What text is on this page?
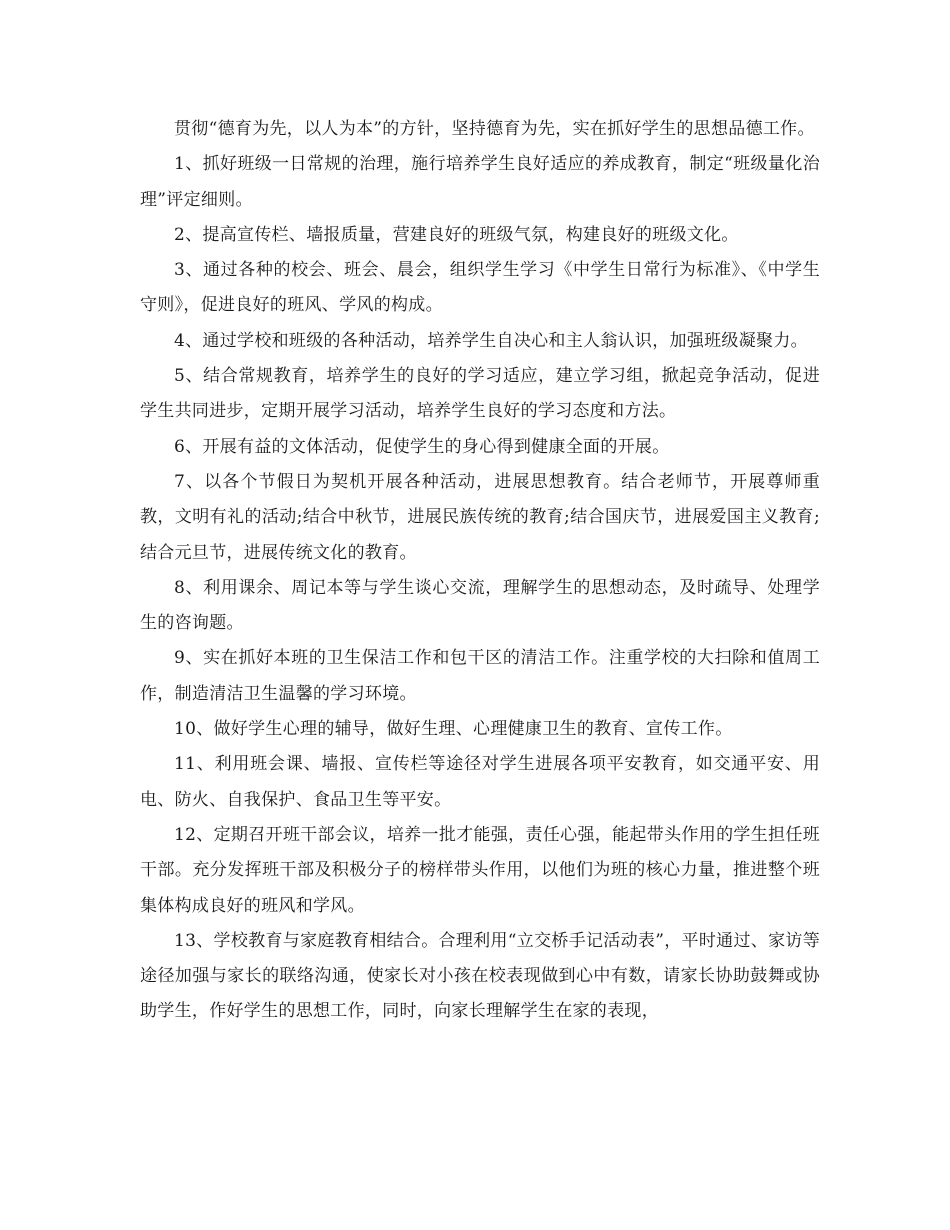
贯彻“德育为先，以人为本”的方针，坚持德育为先，实在抓好学生的思想品德工作。

1、抓好班级一日常规的治理，施行培养学生良好适应的养成教育，制定“班级量化治理”评定细则。

2、提高宣传栏、墙报质量，营建良好的班级气氛，构建良好的班级文化。

3、通过各种的校会、班会、晨会，组织学生学习《中学生日常行为标准》、《中学生守则》，促进良好的班风、学风的构成。

4、通过学校和班级的各种活动，培养学生自决心和主人翁认识，加强班级凝聚力。

5、结合常规教育，培养学生的良好的学习适应，建立学习组，掀起竞争活动，促进学生共同进步，定期开展学习活动，培养学生良好的学习态度和方法。

6、开展有益的文体活动，促使学生的身心得到健康全面的开展。

7、以各个节假日为契机开展各种活动，进展思想教育。结合老师节，开展尊师重教，文明有礼的活动;结合中秋节，进展民族传统的教育;结合国庆节，进展爱国主义教育;结合元旦节，进展传统文化的教育。

8、利用课余、周记本等与学生谈心交流，理解学生的思想动态，及时疏导、处理学生的咨询题。

9、实在抓好本班的卫生保洁工作和包干区的清洁工作。注重学校的大扫除和值周工作，制造清洁卫生温馨的学习环境。

10、做好学生心理的辅导，做好生理、心理健康卫生的教育、宣传工作。

11、利用班会课、墙报、宣传栏等途径对学生进展各项平安教育，如交通平安、用电、防火、自我保护、食品卫生等平安。

12、定期召开班干部会议，培养一批才能强，责任心强，能起带头作用的学生担任班干部。充分发挥班干部及积极分子的榜样带头作用，以他们为班的核心力量，推进整个班集体构成良好的班风和学风。

13、学校教育与家庭教育相结合。合理利用“立交桥手记活动表”，平时通过、家访等途径加强与家长的联络沟通，使家长对小孩在校表现做到心中有数，请家长协助鼓舞或协助学生，作好学生的思想工作，同时，向家长理解学生在家的表现，
